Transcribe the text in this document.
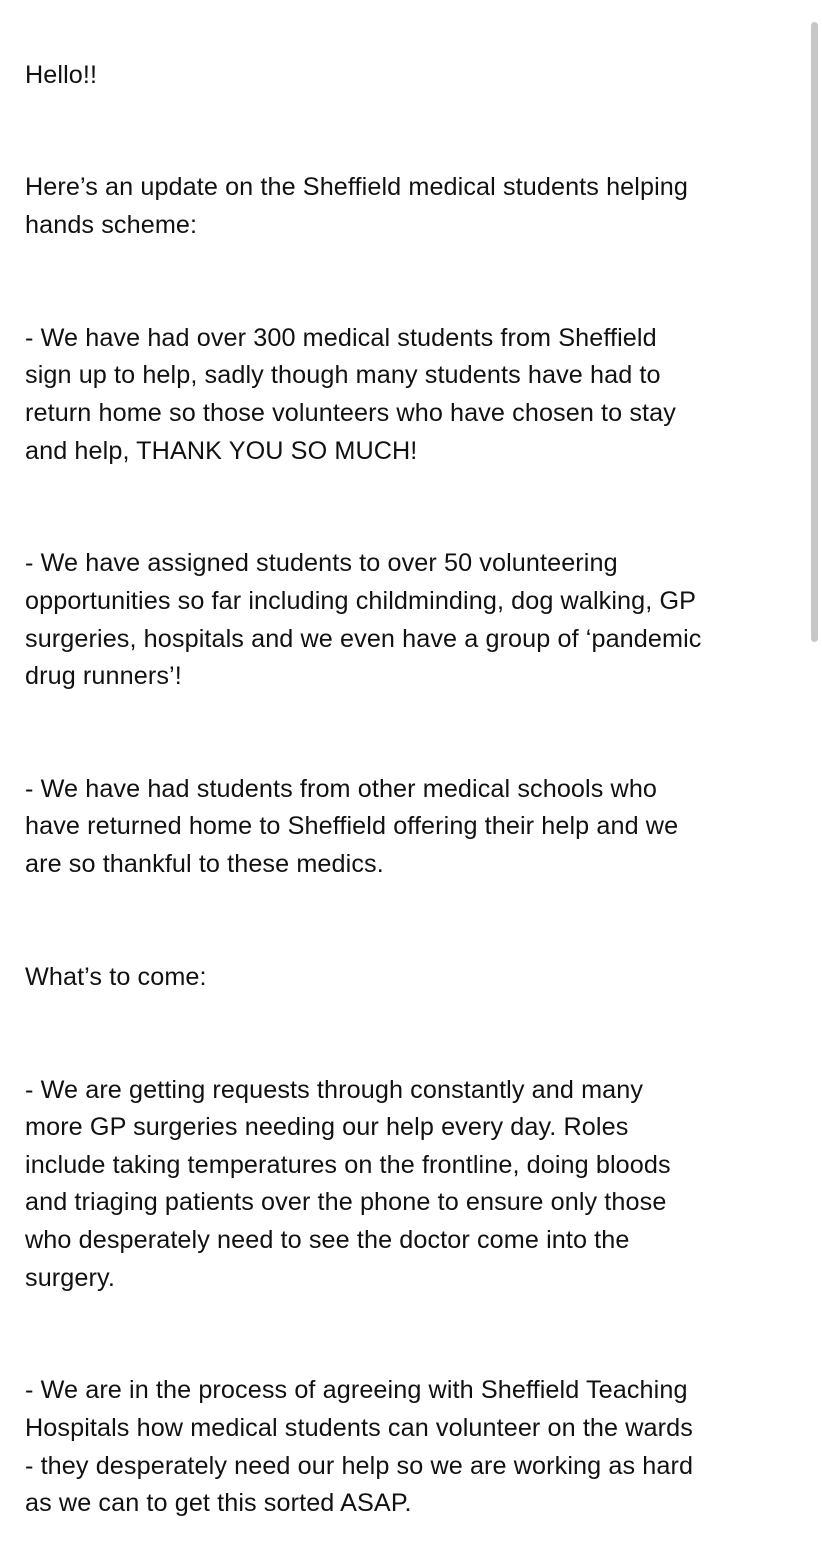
Hello!!

Here’s an update on the Sheffield medical students helping
hands scheme:

- We have had over 300 medical students from Sheffield
sign up to help, sadly though many students have had to
return home so those volunteers who have chosen to stay
and help, THANK YOU SO MUCH!

- We have assigned students to over 50 volunteering
opportunities so far including childminding, dog walking, GP
surgeries, hospitals and we even have a group of ‘pandemic
drug runners’!

- We have had students from other medical schools who
have returned home to Sheffield offering their help and we
are so thankful to these medics.

What’s to come:

- We are getting requests through constantly and many
more GP surgeries needing our help every day. Roles
include taking temperatures on the frontline, doing bloods
and triaging patients over the phone to ensure only those
who desperately need to see the doctor come into the
surgery.

- We are in the process of agreeing with Sheffield Teaching
Hospitals how medical students can volunteer on the wards
- they desperately need our help so we are working as hard
as we can to get this sorted ASAP.
